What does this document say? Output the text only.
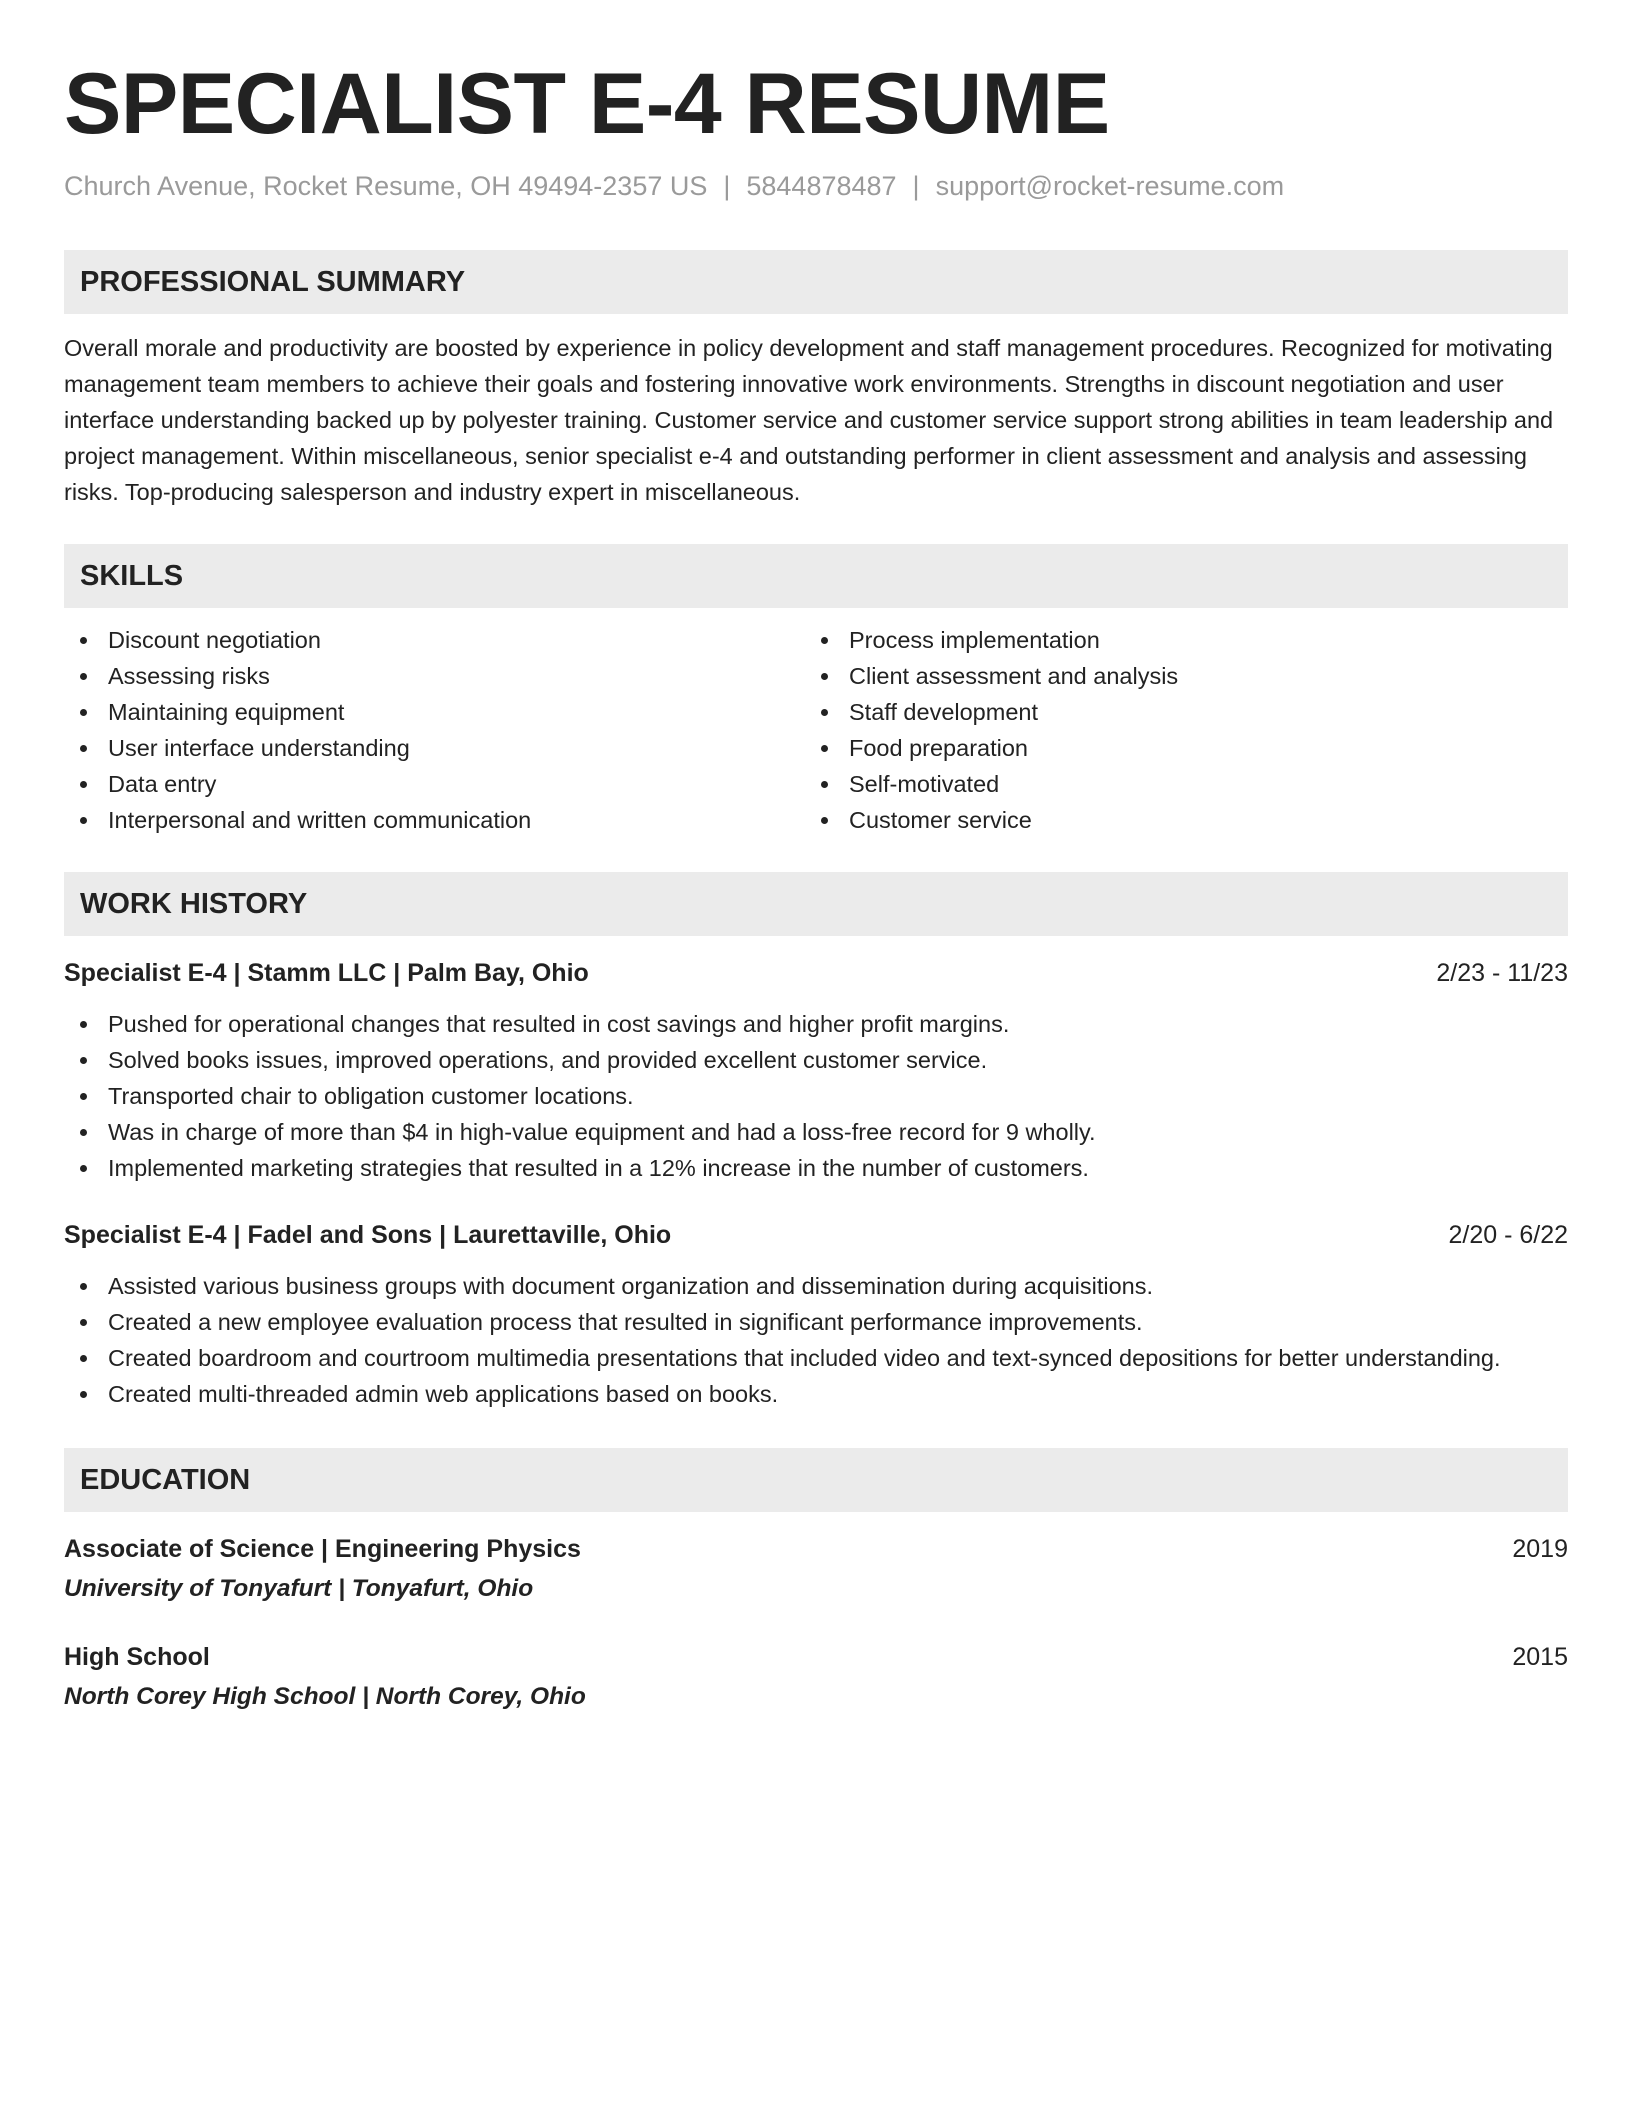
SPECIALIST E-4 RESUME
Church Avenue, Rocket Resume, OH 49494-2357 US | 5844878487 | support@rocket-resume.com
PROFESSIONAL SUMMARY
Overall morale and productivity are boosted by experience in policy development and staff management procedures. Recognized for motivating management team members to achieve their goals and fostering innovative work environments. Strengths in discount negotiation and user interface understanding backed up by polyester training. Customer service and customer service support strong abilities in team leadership and project management. Within miscellaneous, senior specialist e-4 and outstanding performer in client assessment and analysis and assessing risks. Top-producing salesperson and industry expert in miscellaneous.
SKILLS
Discount negotiation
Assessing risks
Maintaining equipment
User interface understanding
Data entry
Interpersonal and written communication
Process implementation
Client assessment and analysis
Staff development
Food preparation
Self-motivated
Customer service
WORK HISTORY
Specialist E-4 | Stamm LLC | Palm Bay, Ohio	2/23 - 11/23
Pushed for operational changes that resulted in cost savings and higher profit margins.
Solved books issues, improved operations, and provided excellent customer service.
Transported chair to obligation customer locations.
Was in charge of more than $4 in high-value equipment and had a loss-free record for 9 wholly.
Implemented marketing strategies that resulted in a 12% increase in the number of customers.
Specialist E-4 | Fadel and Sons | Laurettaville, Ohio	2/20 - 6/22
Assisted various business groups with document organization and dissemination during acquisitions.
Created a new employee evaluation process that resulted in significant performance improvements.
Created boardroom and courtroom multimedia presentations that included video and text-synced depositions for better understanding.
Created multi-threaded admin web applications based on books.
EDUCATION
Associate of Science | Engineering Physics	2019
University of Tonyafurt | Tonyafurt, Ohio
High School	2015
North Corey High School | North Corey, Ohio
